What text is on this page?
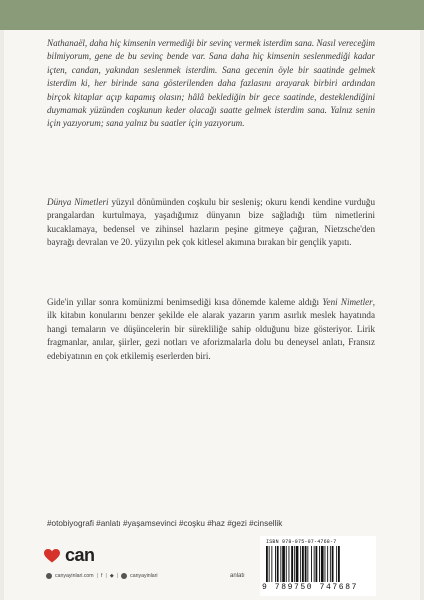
Nathanaël, daha hiç kimsenin vermediği bir sevinç vermek isterdim sana. Nasıl vereceğim bilmiyorum, gene de bu sevinç bende var. Sana daha hiç kimsenin seslenmediği kadar içten, candan, yakından seslenmek isterdim. Sana gecenin öyle bir saatinde gelmek isterdim ki, her birinde sana gösterilenden daha fazlasını arayarak birbiri ardından birçok kitaplar açıp kapamış olasın; hâlâ beklediğin bir gece saatinde, desteklendiğini duymamak yüzünden coşkunun keder olacağı saatte gelmek isterdim sana. Yalnız senin için yazıyorum; sana yalnız bu saatler için yazıyorum.

Dünya Nimetleri yüzyıl dönümünden coşkulu bir sesleniş; okuru kendi kendine vurduğu prangalardan kurtulmaya, yaşadığımız dünyanın bize sağladığı tüm nimetlerini kucaklamaya, bedensel ve zihinsel hazların peşine gitmeye çağıran, Nietzsche'den bayrağı devralan ve 20. yüzyılın pek çok kitlesel akımına bırakan bir gençlik yapıtı.

Gide'in yıllar sonra komünizmi benimsediği kısa dönemde kaleme aldığı Yeni Nimetler, ilk kitabın konularını benzer şekilde ele alarak yazarın yarım asırlık meslek hayatında hangi temaların ve düşüncelerin bir sürekliliğe sahip olduğunu bize gösteriyor. Lirik fragmanlar, anılar, şiirler, gezi notları ve aforizmalarla dolu bu deneysel anlatı, Fransız edebiyatının en çok etkilemiş eserlerden biri.

#otobiyografi #anlatı #yaşamsevinci #coşku #haz #gezi #cinsellik
can
canyayinlari.com | f | ◆ | canyayinlari	anlatı
ISBN 978-975-07-4768-7
9 789750 747687
